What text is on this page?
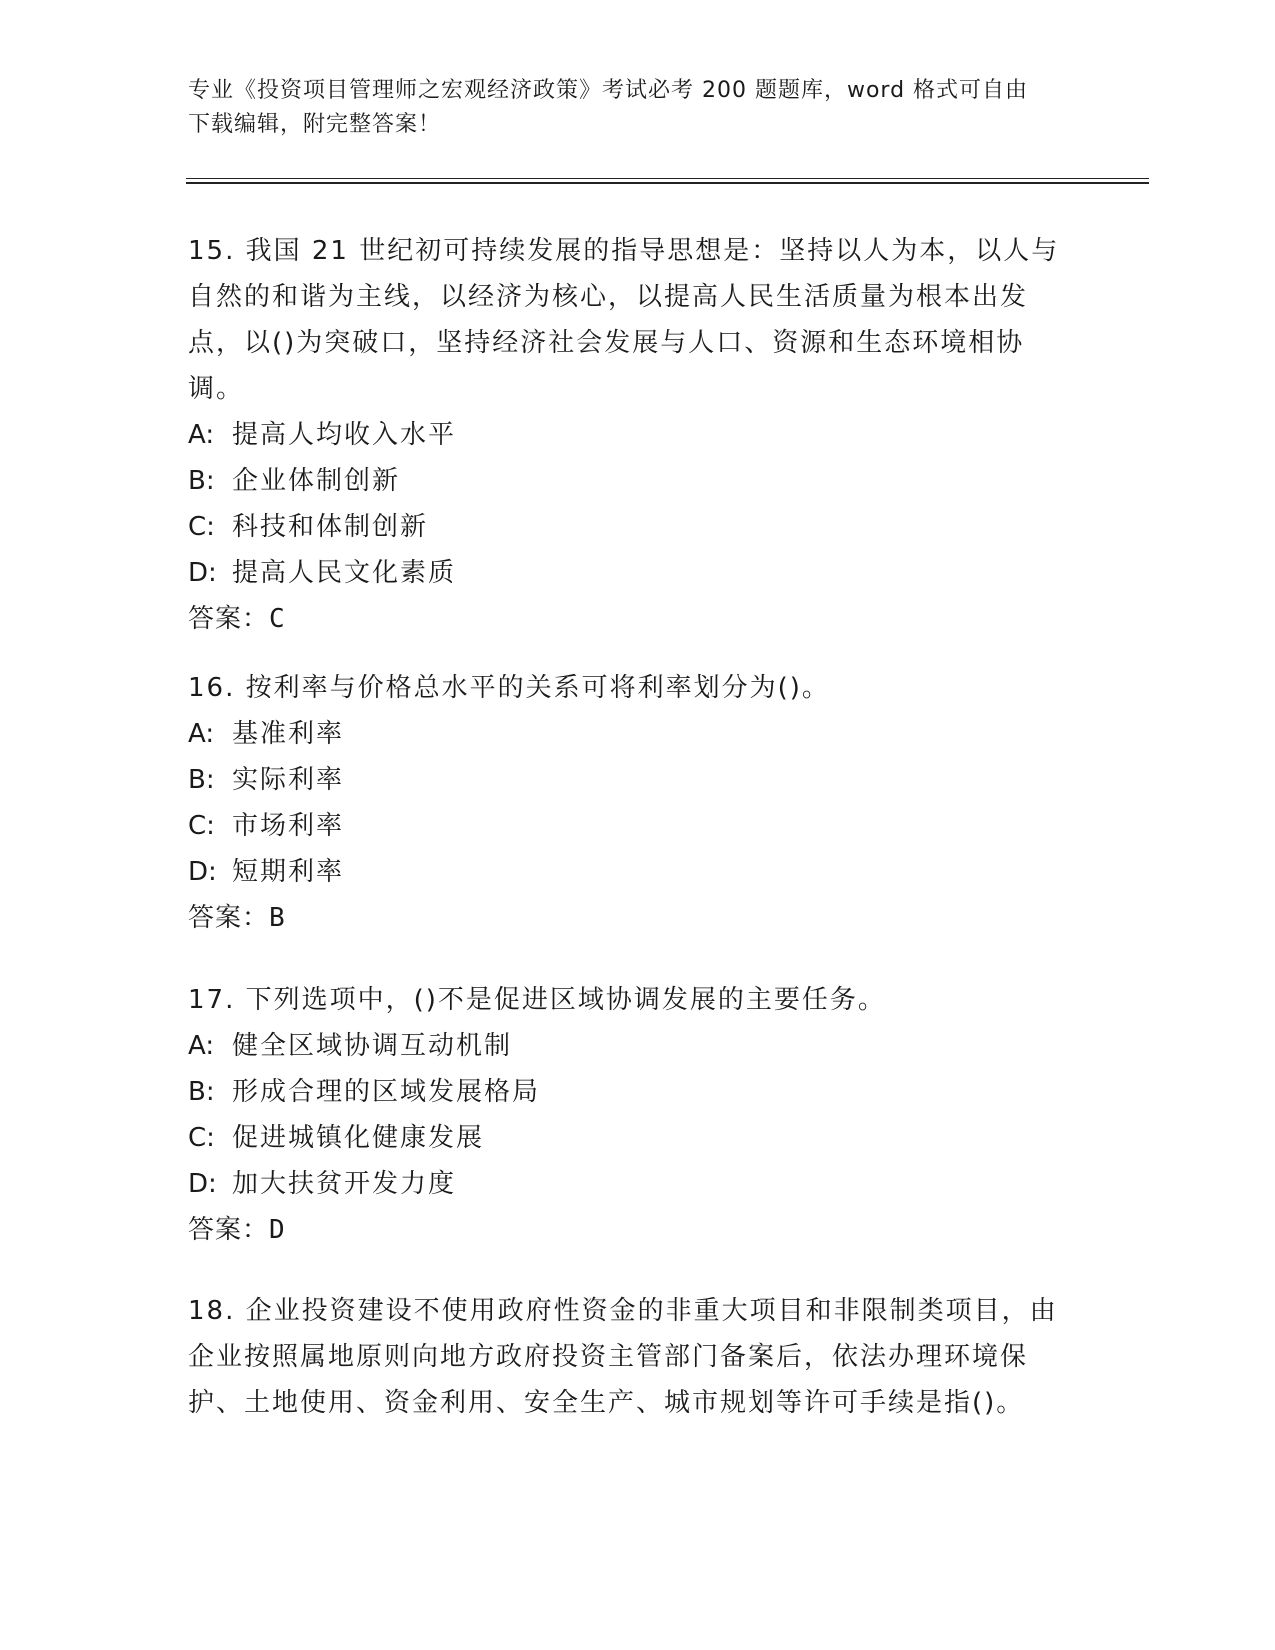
专业《投资项目管理师之宏观经济政策》考试必考 200 题题库，word 格式可自由
下载编辑，附完整答案！

15. 我国 21 世纪初可持续发展的指导思想是：坚持以人为本，以人与

自然的和谐为主线，以经济为核心，以提高人民生活质量为根本出发

点，以()为突破口，坚持经济社会发展与人口、资源和生态环境相协

调。

A: 提高人均收入水平

B: 企业体制创新

C: 科技和体制创新

D: 提高人民文化素质

答案：C

16. 按利率与价格总水平的关系可将利率划分为()。

A: 基准利率

B: 实际利率

C: 市场利率

D: 短期利率

答案：B

17. 下列选项中，()不是促进区域协调发展的主要任务。

A: 健全区域协调互动机制

B: 形成合理的区域发展格局

C: 促进城镇化健康发展

D: 加大扶贫开发力度

答案：D

18. 企业投资建设不使用政府性资金的非重大项目和非限制类项目，由

企业按照属地原则向地方政府投资主管部门备案后，依法办理环境保

护、土地使用、资金利用、安全生产、城市规划等许可手续是指()。
